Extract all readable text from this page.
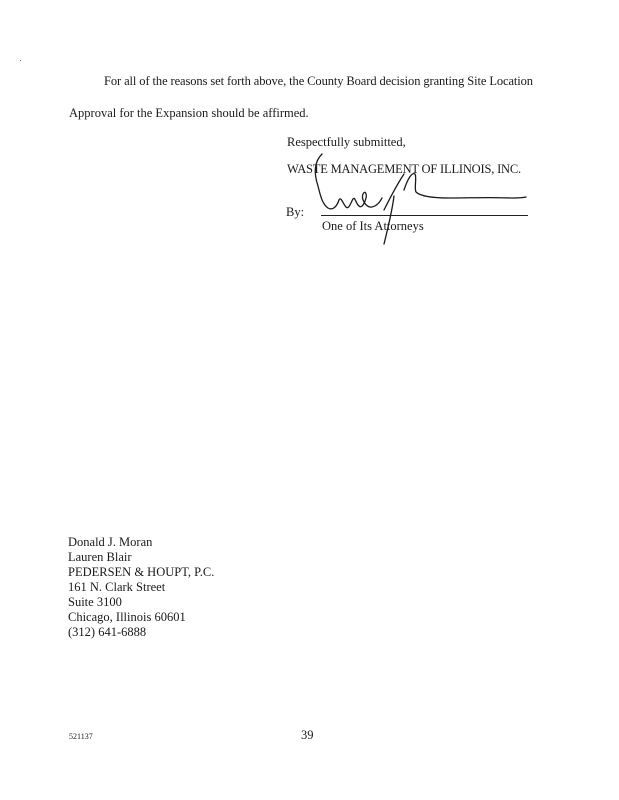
For all of the reasons set forth above, the County Board decision granting Site Location
Approval for the Expansion should be affirmed.
Respectfully submitted,
WASTE MANAGEMENT OF ILLINOIS, INC.
By:
One of Its Attorneys
Donald J. Moran
Lauren Blair
PEDERSEN & HOUPT, P.C.
161 N. Clark Street
Suite 3100
Chicago, Illinois 60601
(312) 641-6888
521137	39
